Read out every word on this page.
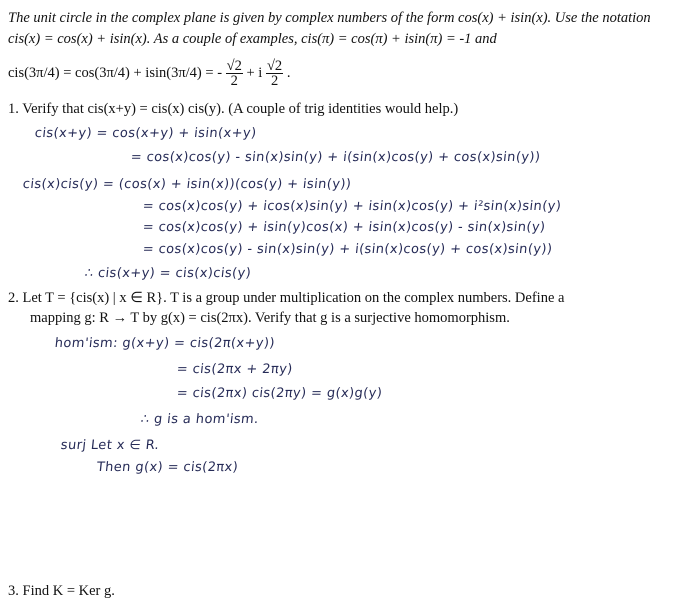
The unit circle in the complex plane is given by complex numbers of the form cos(x) + isin(x). Use the notation
cis(x) = cos(x) + isin(x). As a couple of examples, cis(π) = cos(π) + isin(π) = -1 and
cis(3π/4) = cos(3π/4) + isin(3π/4) = - $\frac{√2}{2} + i \frac{√2}{2}$ .
1. Verify that cis(x+y) = cis(x) cis(y). (A couple of trig identities would help.)
cis(x+y) = cos(x+y) + isin(x+y)
= cos(x)cos(y) - sin(x)sin(y) + i(sin(x)cos(y) + cos(x)sin(y))
cis(x)cis(y) = (cos(x) + isin(x))(cos(y) + isin(y))
= cos(x)cos(y) + icos(x)sin(y) + isin(x)cos(y) + i²sin(x)sin(y)
= cos(x)cos(y) + isin(y)cos(x) + isin(x)cos(y) - sin(x)sin(y)
= cos(x)cos(y) - sin(x)sin(y) + i(sin(x)cos(y) + cos(x)sin(y))
∴ cis(x+y) = cis(x)cis(y)
2. Let T = {cis(x) | x ∈ R}. T is a group under multiplication on the complex numbers. Define a
mapping g: R → T by g(x) = cis(2πx). Verify that g is a surjective homomorphism.
hom'ism: g(x+y) = cis(2π(x+y))
= cis(2πx + 2πy)
= cis(2πx) cis(2πy) = g(x)g(y)
∴ g is a hom'ism.
surj Let x ∈ R.
Then g(x) = cis(2πx)
3. Find K = Ker g.
